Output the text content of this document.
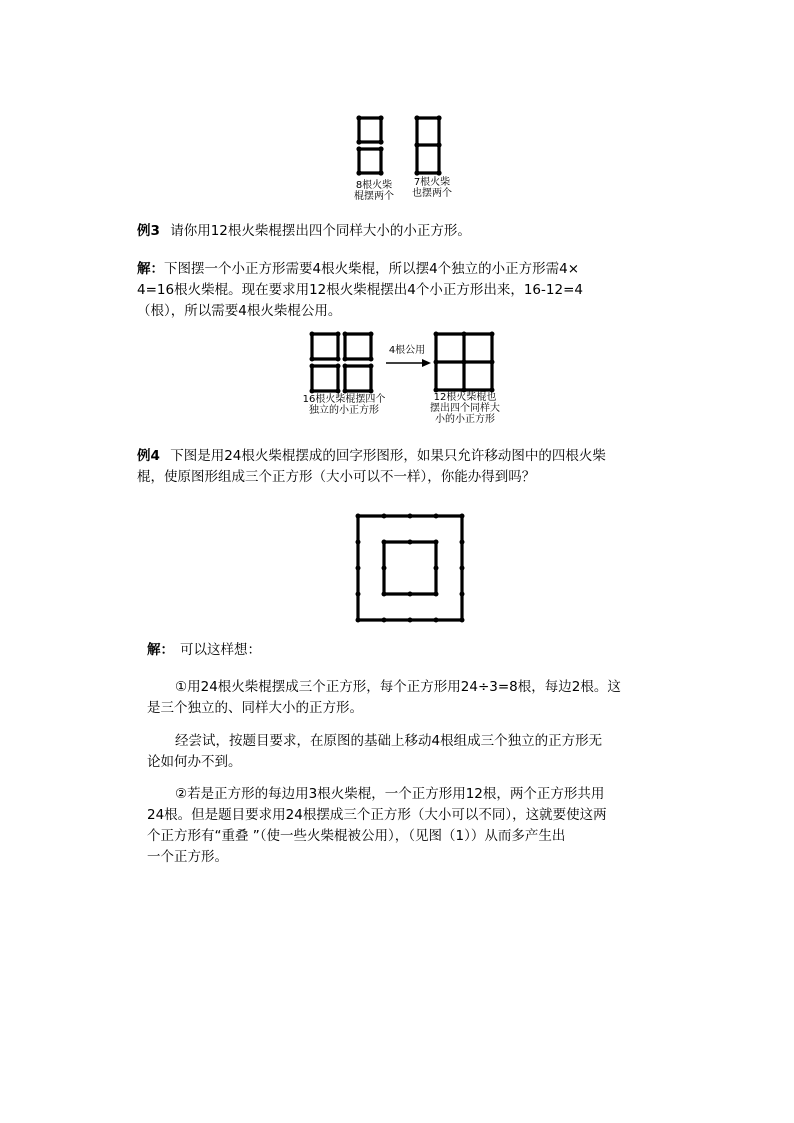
8根火柴
棍摆两个
7根火柴
也摆两个
例3 请你用12根火柴棍摆出四个同样大小的小正方形。
解：下图摆一个小正方形需要4根火柴棍，所以摆4个独立的小正方形需4×
4=16根火柴棍。现在要求用12根火柴棍摆出4个小正方形出来，16-12=4
（根），所以需要4根火柴棍公用。
4根公用
16根火柴棍摆四个
独立的小正方形
12根火柴棍也
摆出四个同样大
小的小正方形
例4 下图是用24根火柴棍摆成的回字形图形，如果只允许移动图中的四根火柴
棍，使原图形组成三个正方形（大小可以不一样），你能办得到吗？
解： 可以这样想：
①用24根火柴棍摆成三个正方形，每个正方形用24÷3=8根，每边2根。这
是三个独立的、同样大小的正方形。
经尝试，按题目要求，在原图的基础上移动4根组成三个独立的正方形无
论如何办不到。
②若是正方形的每边用3根火柴棍，一个正方形用12根，两个正方形共用
24根。但是题目要求用24根摆成三个正方形（大小可以不同），这就要使这两
个正方形有“重叠 ”（使一些火柴棍被公用），（见图（1））从而多产生出
一个正方形。
